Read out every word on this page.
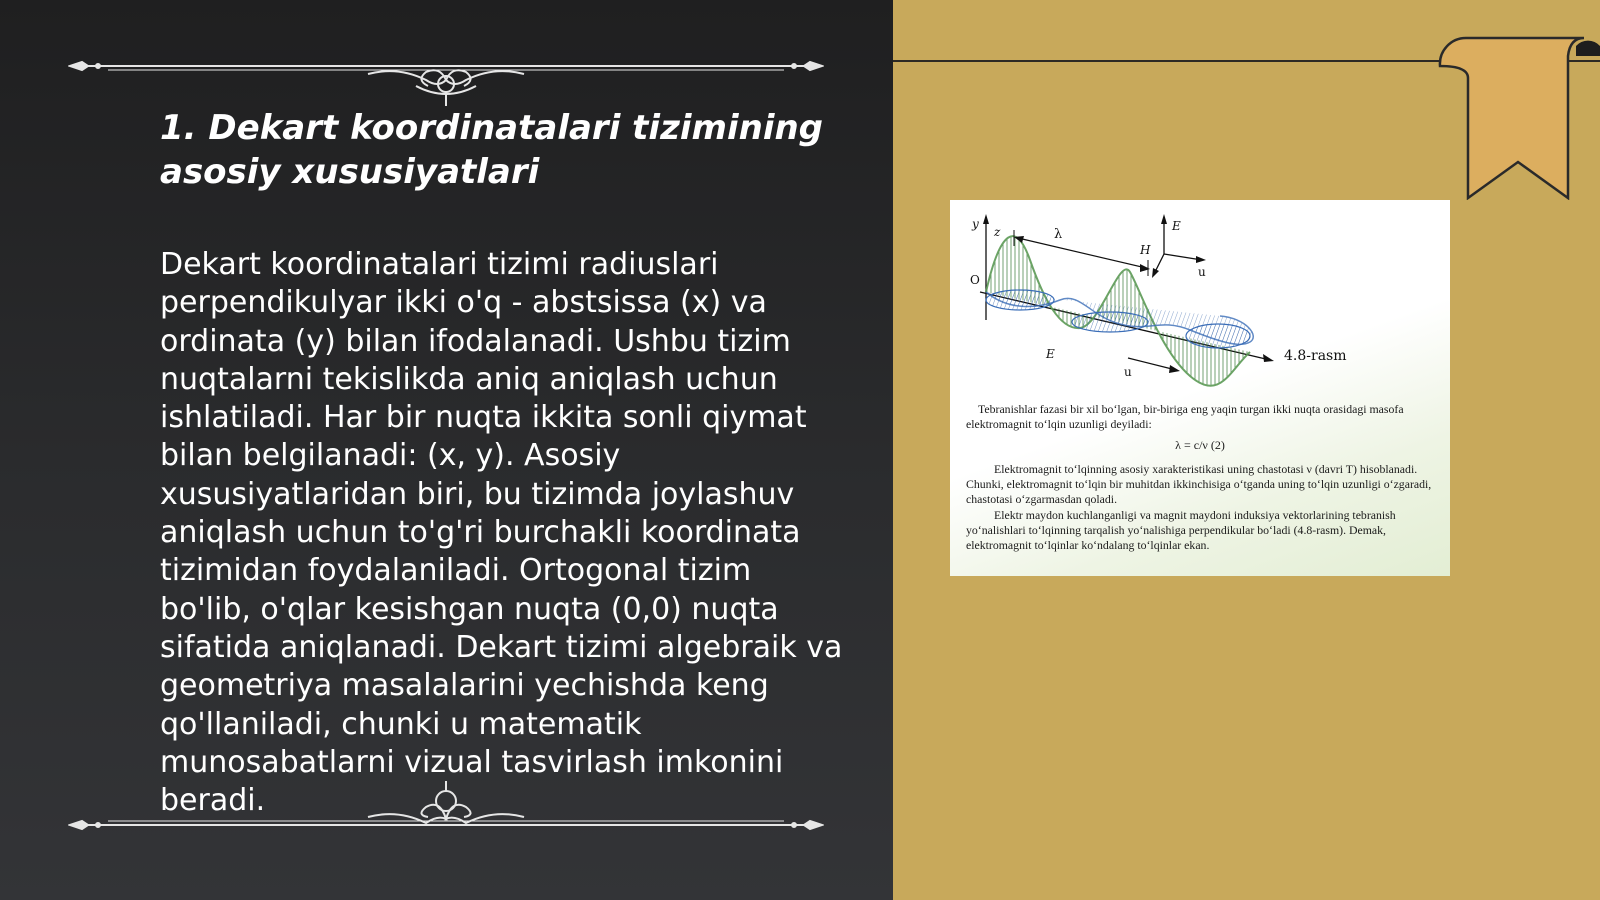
1. Dekart koordinatalari tizimining asosiy xususiyatlari

Dekart koordinatalari tizimi radiuslari perpendikulyar ikki o'q - abstsissa (x) va ordinata (y) bilan ifodalanadi. Ushbu tizim nuqtalarni tekislikda aniq aniqlash uchun ishlatiladi. Har bir nuqta ikkita sonli qiymat bilan belgilanadi: (x, y). Asosiy xususiyatlaridan biri, bu tizimda joylashuv aniqlash uchun to'g'ri burchakli koordinata tizimidan foydalaniladi. Ortogonal tizim bo'lib, o'qlar kesishgan nuqta (0,0) nuqta sifatida aniqlanadi. Dekart tizimi algebraik va geometriya masalalarini yechishda keng qo'llaniladi, chunki u matematik munosabatlarni vizual tasvirlash imkonini beradi.

y
z	λ
O
E
H
u
E
u
4.8-rasm

Tebranishlar fazasi bir xil bo‘lgan, bir-biriga eng yaqin turgan ikki nuqta orasidagi masofa elektromagnit to‘lqin uzunligi deyiladi:

λ = c/ν (2)

Elektromagnit to‘lqinning asosiy xarakteristikasi uning chastotasi ν (davri T) hisoblanadi. Chunki, elektromagnit to‘lqin bir muhitdan ikkinchisiga o‘tganda uning to‘lqin uzunligi o‘zgaradi, chastotasi o‘zgarmasdan qoladi.

Elektr maydon kuchlanganligi va magnit maydoni induksiya vektorlarining tebranish yo‘nalishlari to‘lqinning tarqalish yo‘nalishiga perpendikular bo‘ladi (4.8-rasm). Demak, elektromagnit to‘lqinlar ko‘ndalang to‘lqinlar ekan.
